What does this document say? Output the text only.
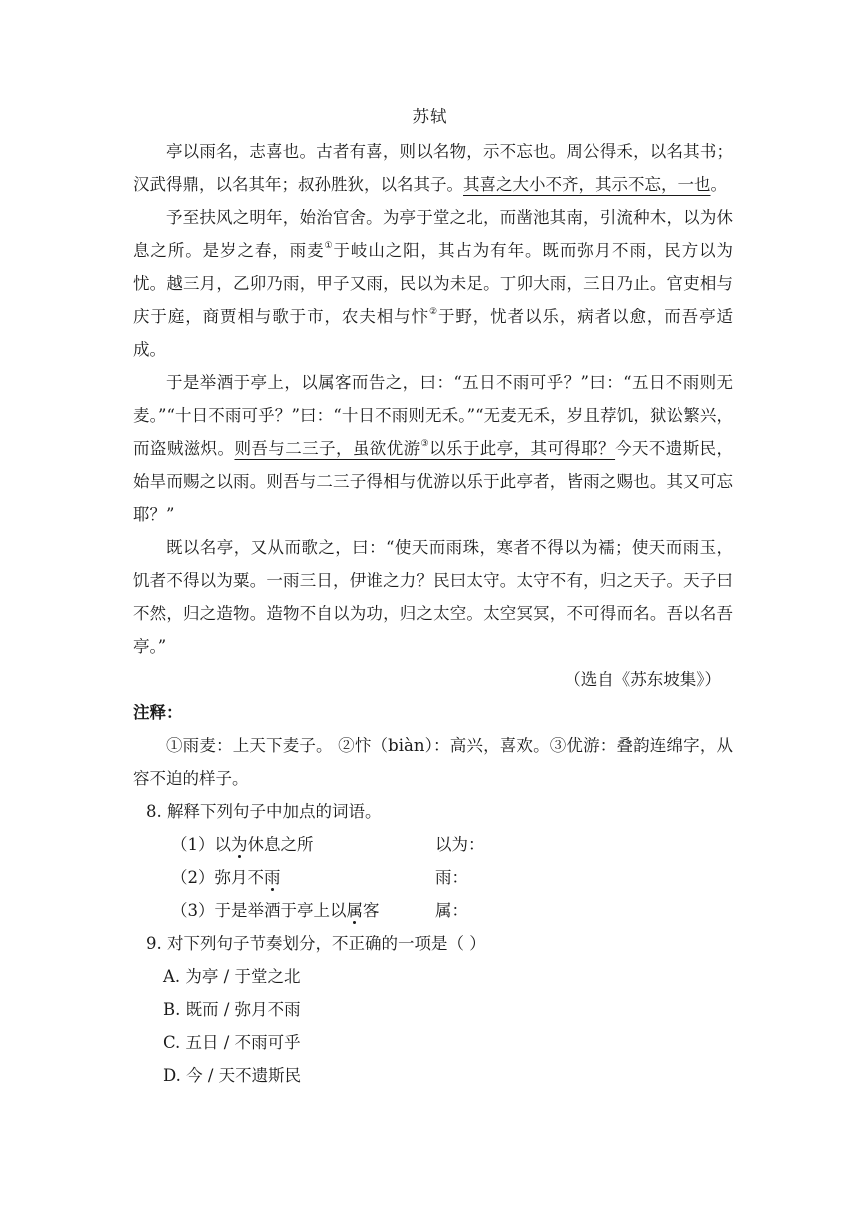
苏轼

亭以雨名，志喜也。古者有喜，则以名物，示不忘也。周公得禾，以名其书；汉武得鼎，以名其年；叔孙胜狄，以名其子。其喜之大小不齐，其示不忘，一也。

予至扶风之明年，始治官舍。为亭于堂之北，而凿池其南，引流种木，以为休息之所。是岁之春，雨麦①于岐山之阳，其占为有年。既而弥月不雨，民方以为忧。越三月，乙卯乃雨，甲子又雨，民以为未足。丁卯大雨，三日乃止。官吏相与庆于庭，商贾相与歌于市，农夫相与忭②于野，忧者以乐，病者以愈，而吾亭适成。

于是举酒于亭上，以属客而告之，曰：“五日不雨可乎？”曰：“五日不雨则无麦。”“十日不雨可乎？”曰：“十日不雨则无禾。”“无麦无禾，岁且荐饥，狱讼繁兴，而盗贼滋炽。则吾与二三子，虽欲优游③以乐于此亭，其可得耶？今天不遗斯民，始旱而赐之以雨。则吾与二三子得相与优游以乐于此亭者，皆雨之赐也。其又可忘耶？”

既以名亭，又从而歌之，曰：“使天而雨珠，寒者不得以为襦；使天而雨玉，饥者不得以为粟。一雨三日，伊谁之力？民曰太守。太守不有，归之天子。天子曰不然，归之造物。造物不自以为功，归之太空。太空冥冥，不可得而名。吾以名吾亭。”

（选自《苏东坡集》）

注释：

①雨麦：上天下麦子。 ②忭（biàn）：高兴，喜欢。③优游：叠韵连绵字，从容不迫的样子。

8. 解释下列句子中加点的词语。

（1）以为休息之所	以为：
（2）弥月不雨	雨：
（3）于是举酒于亭上以属客	属：

9. 对下列句子节奏划分，不正确的一项是（ ）

A. 为亭 / 于堂之北

B. 既而 / 弥月不雨

C. 五日 / 不雨可乎

D. 今 / 天不遗斯民
